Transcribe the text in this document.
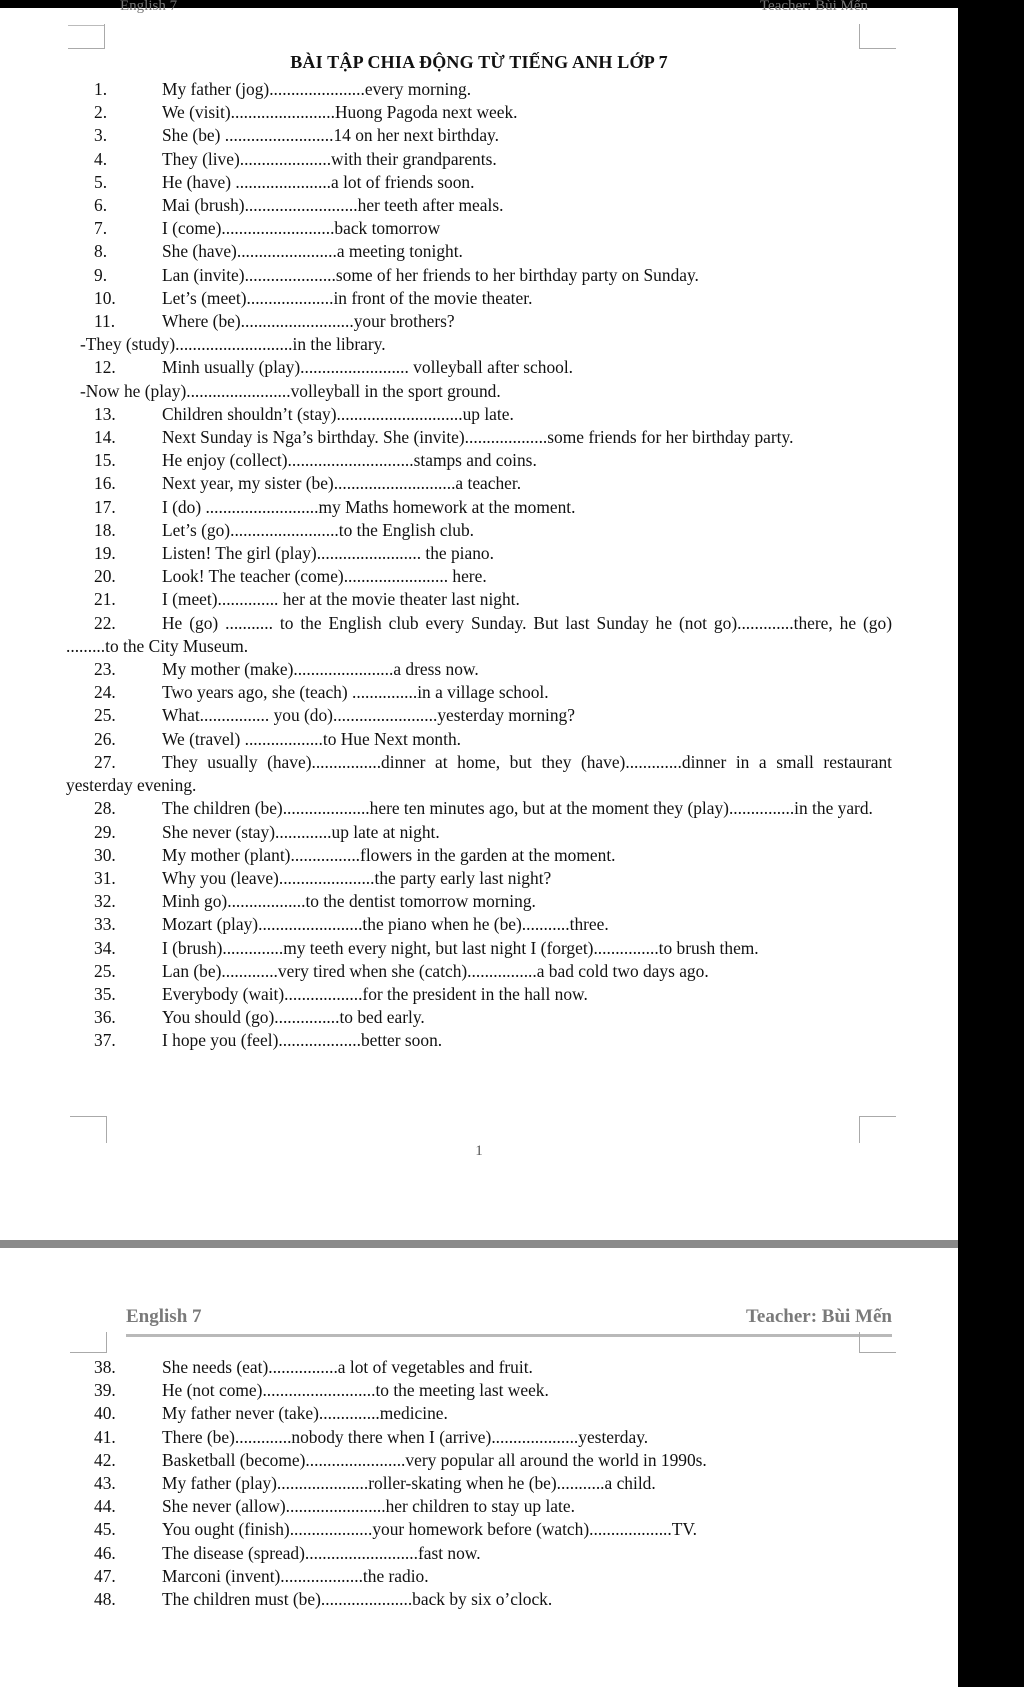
English 7	Teacher: Bùi Mến
BÀI TẬP CHIA ĐỘNG TỪ TIẾNG ANH LỚP 7
1.	My father (jog)......................every morning.
2.	We (visit)........................Huong Pagoda next week.
3.	She (be) .........................14 on her next birthday.
4.	They (live).....................with their grandparents.
5.	He (have) ......................a lot of friends soon.
6.	Mai (brush)..........................her teeth after meals.
7.	I (come)..........................back tomorrow
8.	She (have).......................a meeting tonight.
9.	Lan (invite).....................some of her friends to her birthday party on Sunday.
10.	Let’s (meet)....................in front of the movie theater.
11.	Where (be)..........................your brothers?
-They (study)...........................in the library.
12.	Minh usually (play)......................... volleyball after school.
-Now he (play)........................volleyball in the sport ground.
13.	Children shouldn’t (stay).............................up late.
14.	Next Sunday is Nga’s birthday. She (invite)...................some friends for her birthday party.
15.	He enjoy (collect).............................stamps and coins.
16.	Next year, my sister (be)............................a teacher.
17.	I (do) ..........................my Maths homework at the moment.
18.	Let’s (go).........................to the English club.
19.	Listen! The girl (play)........................ the piano.
20.	Look! The teacher (come)........................ here.
21.	I (meet).............. her at the movie theater last night.
22.	He (go) ........... to the English club every Sunday. But last Sunday he (not go).............there, he (go) .........to the City Museum.
23.	My mother (make).......................a dress now.
24.	Two years ago, she (teach) ...............in a village school.
25.	What................ you (do)........................yesterday morning?
26.	We (travel) ..................to Hue Next month.
27.	They usually (have)................dinner at home, but they (have).............dinner in a small restaurant yesterday evening.
28.	The children (be)....................here ten minutes ago, but at the moment they (play)...............in the yard.
29.	She never (stay).............up late at night.
30.	My mother (plant)................flowers in the garden at the moment.
31.	Why you (leave)......................the party early last night?
32.	Minh go)..................to the dentist tomorrow morning.
33.	Mozart (play)........................the piano when he (be)...........three.
34.	I (brush)..............my teeth every night, but last night I (forget)...............to brush them.
25.	Lan (be).............very tired when she (catch)................a bad cold two days ago.
35.	Everybody (wait)..................for the president in the hall now.
36.	You should (go)...............to bed early.
37.	I hope you (feel)...................better soon.
1
English 7	Teacher: Bùi Mến
38.	She needs (eat)................a lot of vegetables and fruit.
39.	He (not come)..........................to the meeting last week.
40.	My father never (take)..............medicine.
41.	There (be).............nobody there when I (arrive)....................yesterday.
42.	Basketball (become).......................very popular all around the world in 1990s.
43.	My father (play).....................roller-skating when he (be)...........a child.
44.	She never (allow).......................her children to stay up late.
45.	You ought (finish)...................your homework before (watch)...................TV.
46.	The disease (spread)..........................fast now.
47.	Marconi (invent)...................the radio.
48.	The children must (be).....................back by six o’clock.
